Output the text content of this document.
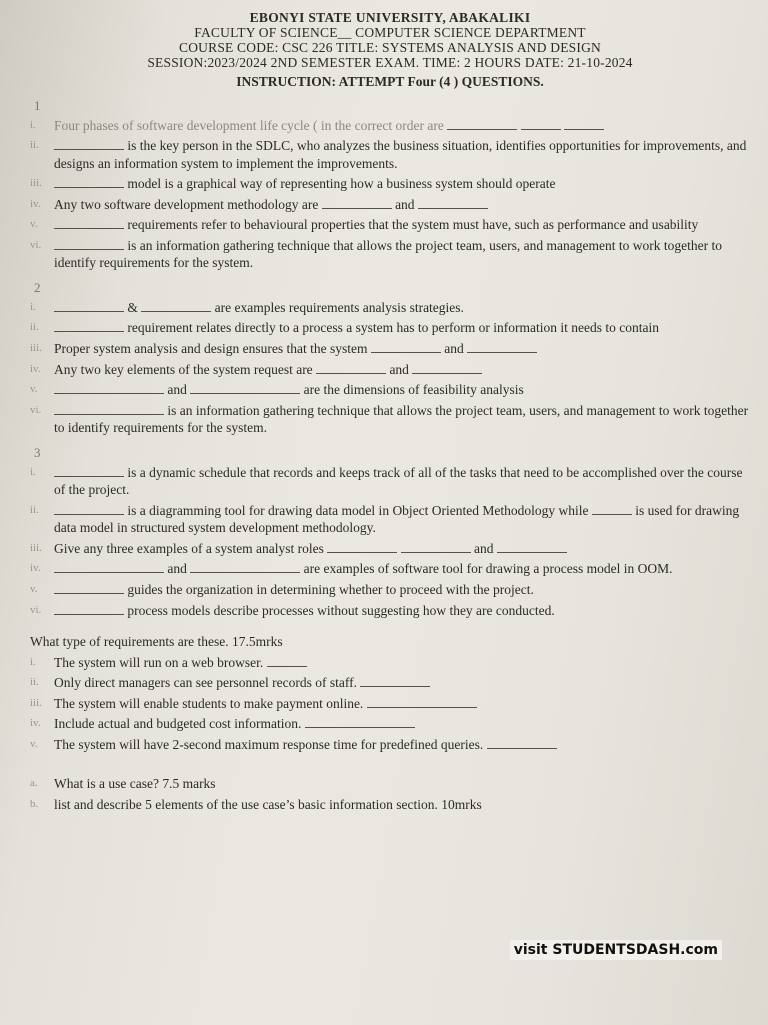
EBONYI STATE UNIVERSITY, ABAKALIKI
FACULTY OF SCIENCE__ COMPUTER SCIENCE DEPARTMENT
COURSE CODE: CSC 226 TITLE: SYSTEMS ANALYSIS AND DESIGN
SESSION:2023/2024 2ND SEMESTER EXAM. TIME: 2 HOURS DATE: 21-10-2024
INSTRUCTION: ATTEMPT Four (4 ) QUESTIONS.
1
i.	Four phases of software development life cycle ( in the correct order are
ii.	is the key person in the SDLC, who analyzes the business situation, identifies opportunities for improvements, and designs an information system to implement the improvements.
iii.	model is a graphical way of representing how a business system should operate
iv. Any two software development methodology are	and
v.	requirements refer to behavioural properties that the system must have, such as performance and usability
vi.	is an information gathering technique that allows the project team, users, and management to work together to identify requirements for the system.
2
i.	&	are examples requirements analysis strategies.
ii.	requirement relates directly to a process a system has to perform or information it needs to contain
iii. Proper system analysis and design ensures that the system	and
iv. Any two key elements of the system request are	and
v.	and	are the dimensions of feasibility analysis
vi.	is an information gathering technique that allows the project team, users, and management to work together to identify requirements for the system.
3
i.	is a dynamic schedule that records and keeps track of all of the tasks that need to be accomplished over the course of the project.
ii.	is a diagramming tool for drawing data model in Object Oriented Methodology while	is used for drawing data model in structured system development methodology.
iii. Give any three examples of a system analyst roles	and
iv.	and	are examples of software tool for drawing a process model in OOM.
v.	guides the organization in determining whether to proceed with the project.
vi.	process models describe processes without suggesting how they are conducted.
What type of requirements are these. 17.5mrks
i.	The system will run on a web browser.
ii.	Only direct managers can see personnel records of staff.
iii. The system will enable students to make payment online.
iv. Include actual and budgeted cost information.
v.	The system will have 2-second maximum response time for predefined queries.
a.	What is a use case? 7.5 marks
b.	list and describe 5 elements of the use case’s basic information section. 10mrks
visit STUDENTSDASH.com
